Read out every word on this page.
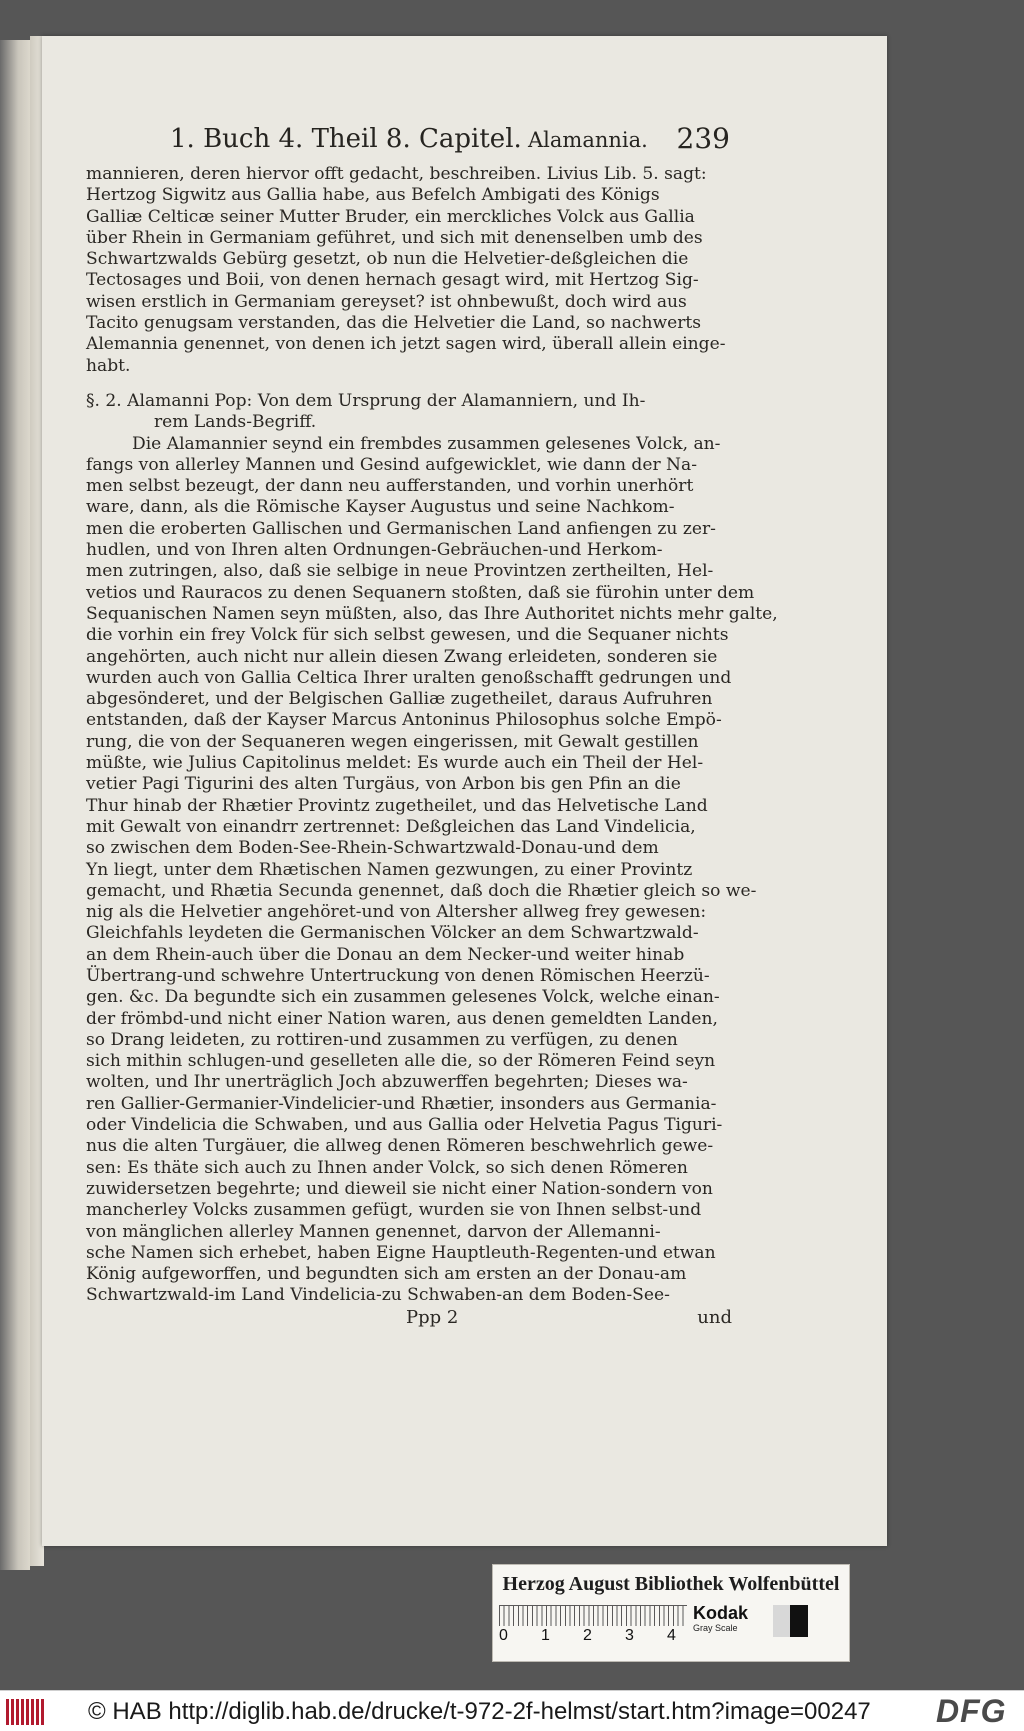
1. Buch 4. Theil 8. Capitel. Alamannia. 239
mannieren, deren hiervor offt gedacht, beschreiben. Livius Lib. 5. sagt:
Hertzog Sigwitz aus Gallia habe, aus Befelch Ambigati des Königs
Galliæ Celticæ seiner Mutter Bruder, ein merckliches Volck aus Gallia
über Rhein in Germaniam geführet, und sich mit denenselben umb des
Schwartzwalds Gebürg gesetzt, ob nun die Helvetier-deßgleichen die
Tectosages und Boii, von denen hernach gesagt wird, mit Hertzog Sig-
wisen erstlich in Germaniam gereyset? ist ohnbewußt, doch wird aus
Tacito genugsam verstanden, das die Helvetier die Land, so nachwerts
Alemannia genennet, von denen ich jetzt sagen wird, überall allein einge-
habt.
§. 2. Alamanni Pop: Von dem Ursprung der Alamanniern, und Ih-
rem Lands-Begriff.
Die Alamannier seynd ein frembdes zusammen gelesenes Volck, an-
fangs von allerley Mannen und Gesind aufgewicklet, wie dann der Na-
men selbst bezeugt, der dann neu aufferstanden, und vorhin unerhört
ware, dann, als die Römische Kayser Augustus und seine Nachkom-
men die eroberten Gallischen und Germanischen Land anfiengen zu zer-
hudlen, und von Ihren alten Ordnungen-Gebräuchen-und Herkom-
men zutringen, also, daß sie selbige in neue Provintzen zertheilten, Hel-
vetios und Rauracos zu denen Sequanern stoßten, daß sie fürohin unter dem
Sequanischen Namen seyn müßten, also, das Ihre Authoritet nichts mehr galte,
die vorhin ein frey Volck für sich selbst gewesen, und die Sequaner nichts
angehörten, auch nicht nur allein diesen Zwang erleideten, sonderen sie
wurden auch von Gallia Celtica Ihrer uralten genoßschafft gedrungen und
abgesönderet, und der Belgischen Galliæ zugetheilet, daraus Aufruhren
entstanden, daß der Kayser Marcus Antoninus Philosophus solche Empö-
rung, die von der Sequaneren wegen eingerissen, mit Gewalt gestillen
müßte, wie Julius Capitolinus meldet: Es wurde auch ein Theil der Hel-
vetier Pagi Tigurini des alten Turgäus, von Arbon bis gen Pfin an die
Thur hinab der Rhætier Provintz zugetheilet, und das Helvetische Land
mit Gewalt von einandrr zertrennet: Deßgleichen das Land Vindelicia,
so zwischen dem Boden-See-Rhein-Schwartzwald-Donau-und dem
Yn liegt, unter dem Rhætischen Namen gezwungen, zu einer Provintz
gemacht, und Rhætia Secunda genennet, daß doch die Rhætier gleich so we-
nig als die Helvetier angehöret-und von Altersher allweg frey gewesen:
Gleichfahls leydeten die Germanischen Völcker an dem Schwartzwald-
an dem Rhein-auch über die Donau an dem Necker-und weiter hinab
Übertrang-und schwehre Untertruckung von denen Römischen Heerzü-
gen. &c. Da begundte sich ein zusammen gelesenes Volck, welche einan-
der frömbd-und nicht einer Nation waren, aus denen gemeldten Landen,
so Drang leideten, zu rottiren-und zusammen zu verfügen, zu denen
sich mithin schlugen-und geselleten alle die, so der Römeren Feind seyn
wolten, und Ihr unerträglich Joch abzuwerffen begehrten; Dieses wa-
ren Gallier-Germanier-Vindelicier-und Rhætier, insonders aus Germania-
oder Vindelicia die Schwaben, und aus Gallia oder Helvetia Pagus Tiguri-
nus die alten Turgäuer, die allweg denen Römeren beschwehrlich gewe-
sen: Es thäte sich auch zu Ihnen ander Volck, so sich denen Römeren
zuwidersetzen begehrte; und dieweil sie nicht einer Nation-sondern von
mancherley Volcks zusammen gefügt, wurden sie von Ihnen selbst-und
von mänglichen allerley Mannen genennet, darvon der Allemanni-
sche Namen sich erhebet, haben Eigne Hauptleuth-Regenten-und etwan
König aufgeworffen, und begundten sich am ersten an der Donau-am
Schwartzwald-im Land Vindelicia-zu Schwaben-an dem Boden-See-
Ppp 2	und
Herzog August Bibliothek Wolfenbüttel
0 1 2 3 4
Kodak
Gray Scale
© HAB http://diglib.hab.de/drucke/t-972-2f-helmst/start.htm?image=00247 DFG
